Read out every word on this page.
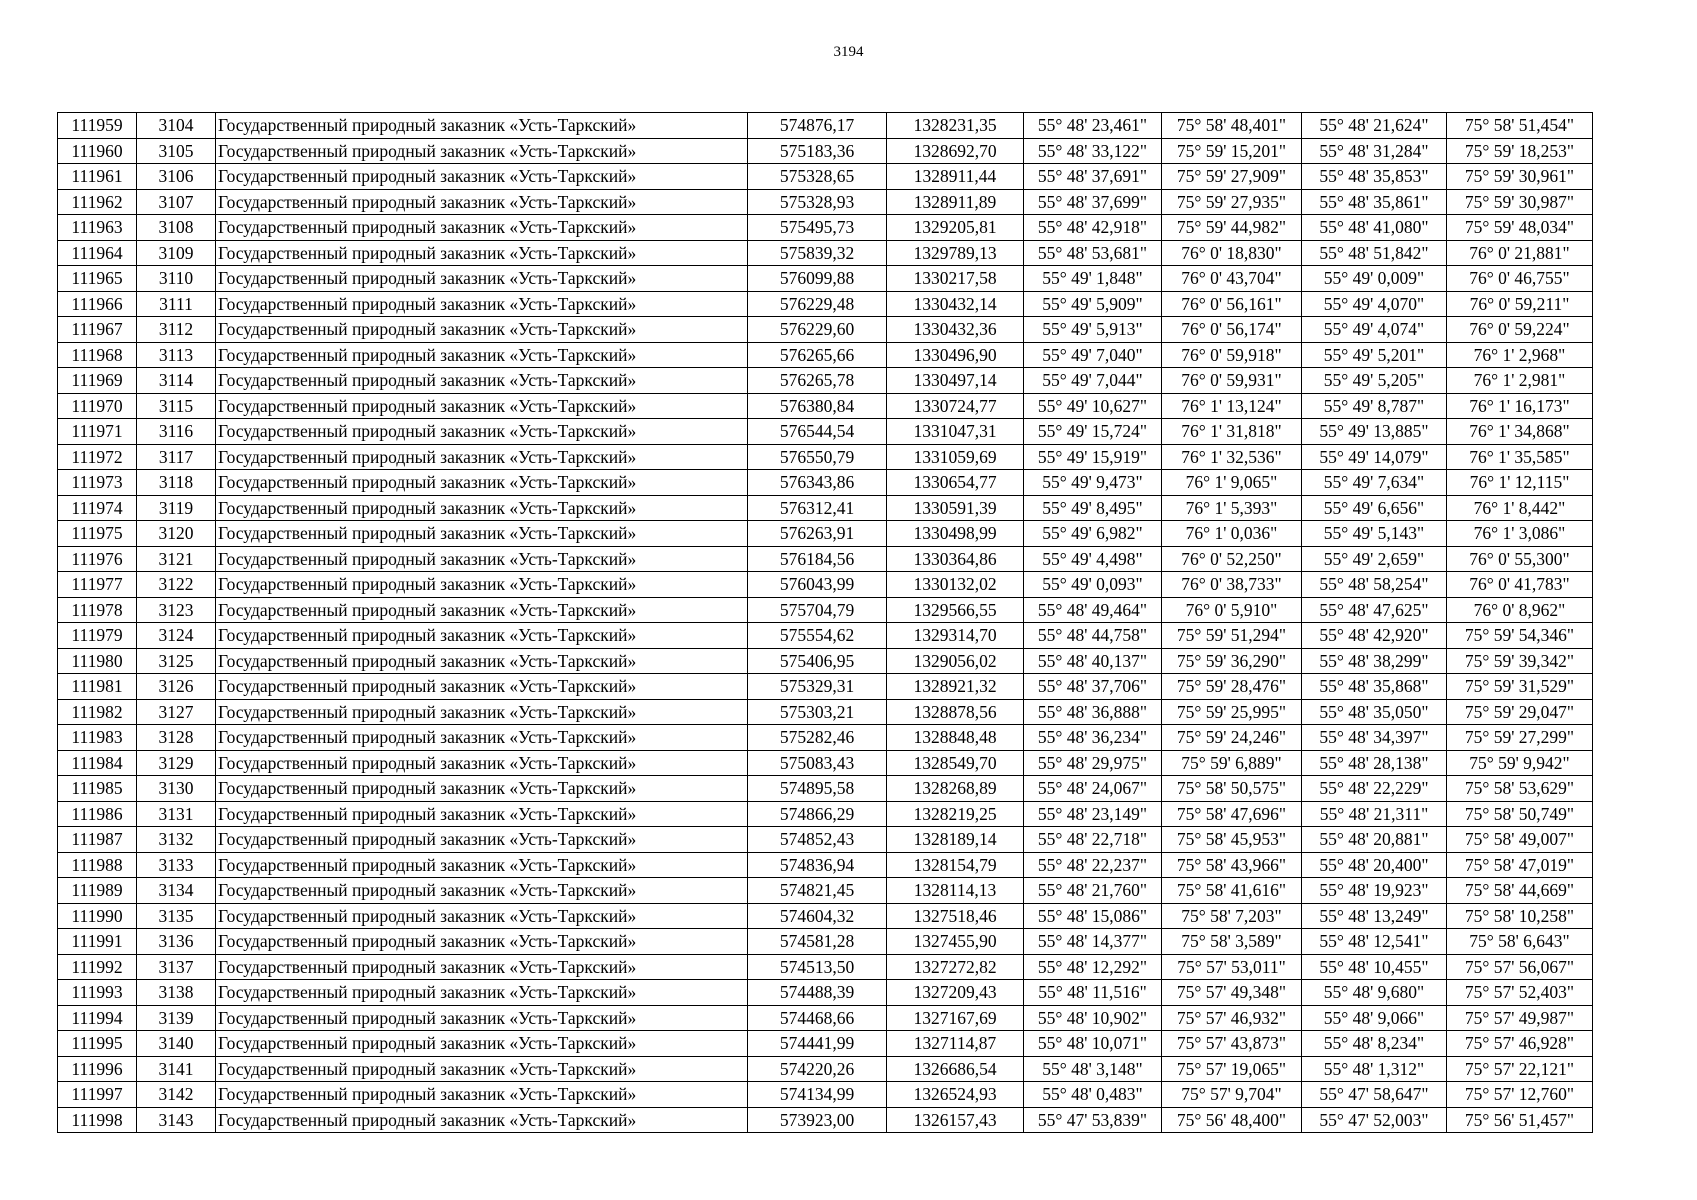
3194
111959	3104	Государственный природный заказник «Усть-Таркский»	574876,17	1328231,35	55° 48' 23,461"	75° 58' 48,401"	55° 48' 21,624"	75° 58' 51,454"
111960	3105	Государственный природный заказник «Усть-Таркский»	575183,36	1328692,70	55° 48' 33,122"	75° 59' 15,201"	55° 48' 31,284"	75° 59' 18,253"
111961	3106	Государственный природный заказник «Усть-Таркский»	575328,65	1328911,44	55° 48' 37,691"	75° 59' 27,909"	55° 48' 35,853"	75° 59' 30,961"
111962	3107	Государственный природный заказник «Усть-Таркский»	575328,93	1328911,89	55° 48' 37,699"	75° 59' 27,935"	55° 48' 35,861"	75° 59' 30,987"
111963	3108	Государственный природный заказник «Усть-Таркский»	575495,73	1329205,81	55° 48' 42,918"	75° 59' 44,982"	55° 48' 41,080"	75° 59' 48,034"
111964	3109	Государственный природный заказник «Усть-Таркский»	575839,32	1329789,13	55° 48' 53,681"	76° 0' 18,830"	55° 48' 51,842"	76° 0' 21,881"
111965	3110	Государственный природный заказник «Усть-Таркский»	576099,88	1330217,58	55° 49' 1,848"	76° 0' 43,704"	55° 49' 0,009"	76° 0' 46,755"
111966	3111	Государственный природный заказник «Усть-Таркский»	576229,48	1330432,14	55° 49' 5,909"	76° 0' 56,161"	55° 49' 4,070"	76° 0' 59,211"
111967	3112	Государственный природный заказник «Усть-Таркский»	576229,60	1330432,36	55° 49' 5,913"	76° 0' 56,174"	55° 49' 4,074"	76° 0' 59,224"
111968	3113	Государственный природный заказник «Усть-Таркский»	576265,66	1330496,90	55° 49' 7,040"	76° 0' 59,918"	55° 49' 5,201"	76° 1' 2,968"
111969	3114	Государственный природный заказник «Усть-Таркский»	576265,78	1330497,14	55° 49' 7,044"	76° 0' 59,931"	55° 49' 5,205"	76° 1' 2,981"
111970	3115	Государственный природный заказник «Усть-Таркский»	576380,84	1330724,77	55° 49' 10,627"	76° 1' 13,124"	55° 49' 8,787"	76° 1' 16,173"
111971	3116	Государственный природный заказник «Усть-Таркский»	576544,54	1331047,31	55° 49' 15,724"	76° 1' 31,818"	55° 49' 13,885"	76° 1' 34,868"
111972	3117	Государственный природный заказник «Усть-Таркский»	576550,79	1331059,69	55° 49' 15,919"	76° 1' 32,536"	55° 49' 14,079"	76° 1' 35,585"
111973	3118	Государственный природный заказник «Усть-Таркский»	576343,86	1330654,77	55° 49' 9,473"	76° 1' 9,065"	55° 49' 7,634"	76° 1' 12,115"
111974	3119	Государственный природный заказник «Усть-Таркский»	576312,41	1330591,39	55° 49' 8,495"	76° 1' 5,393"	55° 49' 6,656"	76° 1' 8,442"
111975	3120	Государственный природный заказник «Усть-Таркский»	576263,91	1330498,99	55° 49' 6,982"	76° 1' 0,036"	55° 49' 5,143"	76° 1' 3,086"
111976	3121	Государственный природный заказник «Усть-Таркский»	576184,56	1330364,86	55° 49' 4,498"	76° 0' 52,250"	55° 49' 2,659"	76° 0' 55,300"
111977	3122	Государственный природный заказник «Усть-Таркский»	576043,99	1330132,02	55° 49' 0,093"	76° 0' 38,733"	55° 48' 58,254"	76° 0' 41,783"
111978	3123	Государственный природный заказник «Усть-Таркский»	575704,79	1329566,55	55° 48' 49,464"	76° 0' 5,910"	55° 48' 47,625"	76° 0' 8,962"
111979	3124	Государственный природный заказник «Усть-Таркский»	575554,62	1329314,70	55° 48' 44,758"	75° 59' 51,294"	55° 48' 42,920"	75° 59' 54,346"
111980	3125	Государственный природный заказник «Усть-Таркский»	575406,95	1329056,02	55° 48' 40,137"	75° 59' 36,290"	55° 48' 38,299"	75° 59' 39,342"
111981	3126	Государственный природный заказник «Усть-Таркский»	575329,31	1328921,32	55° 48' 37,706"	75° 59' 28,476"	55° 48' 35,868"	75° 59' 31,529"
111982	3127	Государственный природный заказник «Усть-Таркский»	575303,21	1328878,56	55° 48' 36,888"	75° 59' 25,995"	55° 48' 35,050"	75° 59' 29,047"
111983	3128	Государственный природный заказник «Усть-Таркский»	575282,46	1328848,48	55° 48' 36,234"	75° 59' 24,246"	55° 48' 34,397"	75° 59' 27,299"
111984	3129	Государственный природный заказник «Усть-Таркский»	575083,43	1328549,70	55° 48' 29,975"	75° 59' 6,889"	55° 48' 28,138"	75° 59' 9,942"
111985	3130	Государственный природный заказник «Усть-Таркский»	574895,58	1328268,89	55° 48' 24,067"	75° 58' 50,575"	55° 48' 22,229"	75° 58' 53,629"
111986	3131	Государственный природный заказник «Усть-Таркский»	574866,29	1328219,25	55° 48' 23,149"	75° 58' 47,696"	55° 48' 21,311"	75° 58' 50,749"
111987	3132	Государственный природный заказник «Усть-Таркский»	574852,43	1328189,14	55° 48' 22,718"	75° 58' 45,953"	55° 48' 20,881"	75° 58' 49,007"
111988	3133	Государственный природный заказник «Усть-Таркский»	574836,94	1328154,79	55° 48' 22,237"	75° 58' 43,966"	55° 48' 20,400"	75° 58' 47,019"
111989	3134	Государственный природный заказник «Усть-Таркский»	574821,45	1328114,13	55° 48' 21,760"	75° 58' 41,616"	55° 48' 19,923"	75° 58' 44,669"
111990	3135	Государственный природный заказник «Усть-Таркский»	574604,32	1327518,46	55° 48' 15,086"	75° 58' 7,203"	55° 48' 13,249"	75° 58' 10,258"
111991	3136	Государственный природный заказник «Усть-Таркский»	574581,28	1327455,90	55° 48' 14,377"	75° 58' 3,589"	55° 48' 12,541"	75° 58' 6,643"
111992	3137	Государственный природный заказник «Усть-Таркский»	574513,50	1327272,82	55° 48' 12,292"	75° 57' 53,011"	55° 48' 10,455"	75° 57' 56,067"
111993	3138	Государственный природный заказник «Усть-Таркский»	574488,39	1327209,43	55° 48' 11,516"	75° 57' 49,348"	55° 48' 9,680"	75° 57' 52,403"
111994	3139	Государственный природный заказник «Усть-Таркский»	574468,66	1327167,69	55° 48' 10,902"	75° 57' 46,932"	55° 48' 9,066"	75° 57' 49,987"
111995	3140	Государственный природный заказник «Усть-Таркский»	574441,99	1327114,87	55° 48' 10,071"	75° 57' 43,873"	55° 48' 8,234"	75° 57' 46,928"
111996	3141	Государственный природный заказник «Усть-Таркский»	574220,26	1326686,54	55° 48' 3,148"	75° 57' 19,065"	55° 48' 1,312"	75° 57' 22,121"
111997	3142	Государственный природный заказник «Усть-Таркский»	574134,99	1326524,93	55° 48' 0,483"	75° 57' 9,704"	55° 47' 58,647"	75° 57' 12,760"
111998	3143	Государственный природный заказник «Усть-Таркский»	573923,00	1326157,43	55° 47' 53,839"	75° 56' 48,400"	55° 47' 52,003"	75° 56' 51,457"
